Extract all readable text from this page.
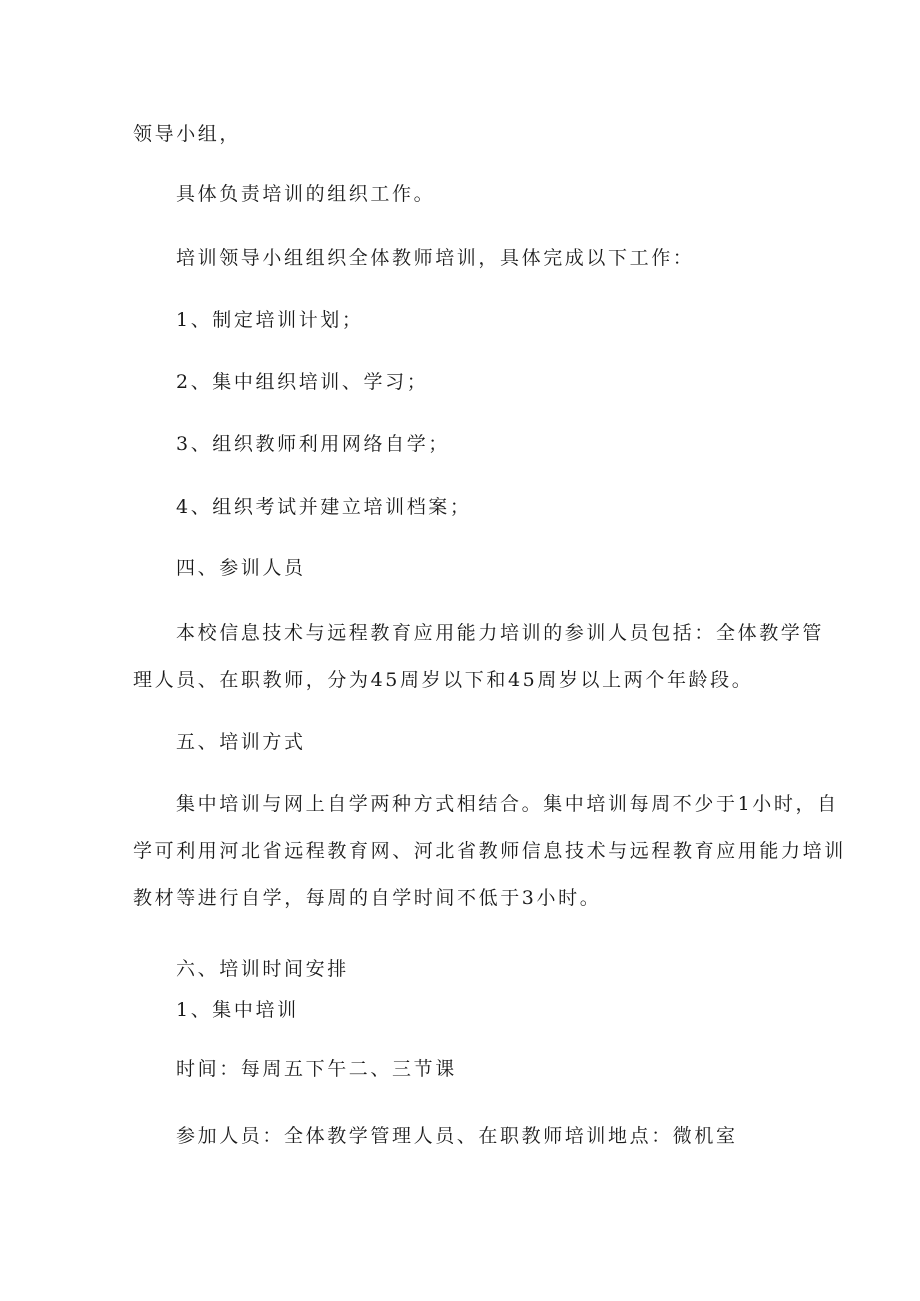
领导小组，
具体负责培训的组织工作。
培训领导小组组织全体教师培训，具体完成以下工作：
1、制定培训计划；
2、集中组织培训、学习；
3、组织教师利用网络自学；
4、组织考试并建立培训档案；
四、参训人员
本校信息技术与远程教育应用能力培训的参训人员包括：全体教学管
理人员、在职教师，分为45周岁以下和45周岁以上两个年龄段。
五、培训方式
集中培训与网上自学两种方式相结合。集中培训每周不少于1小时，自
学可利用河北省远程教育网、河北省教师信息技术与远程教育应用能力培训
教材等进行自学，每周的自学时间不低于3小时。
六、培训时间安排
1、集中培训
时间：每周五下午二、三节课
参加人员：全体教学管理人员、在职教师培训地点：微机室
